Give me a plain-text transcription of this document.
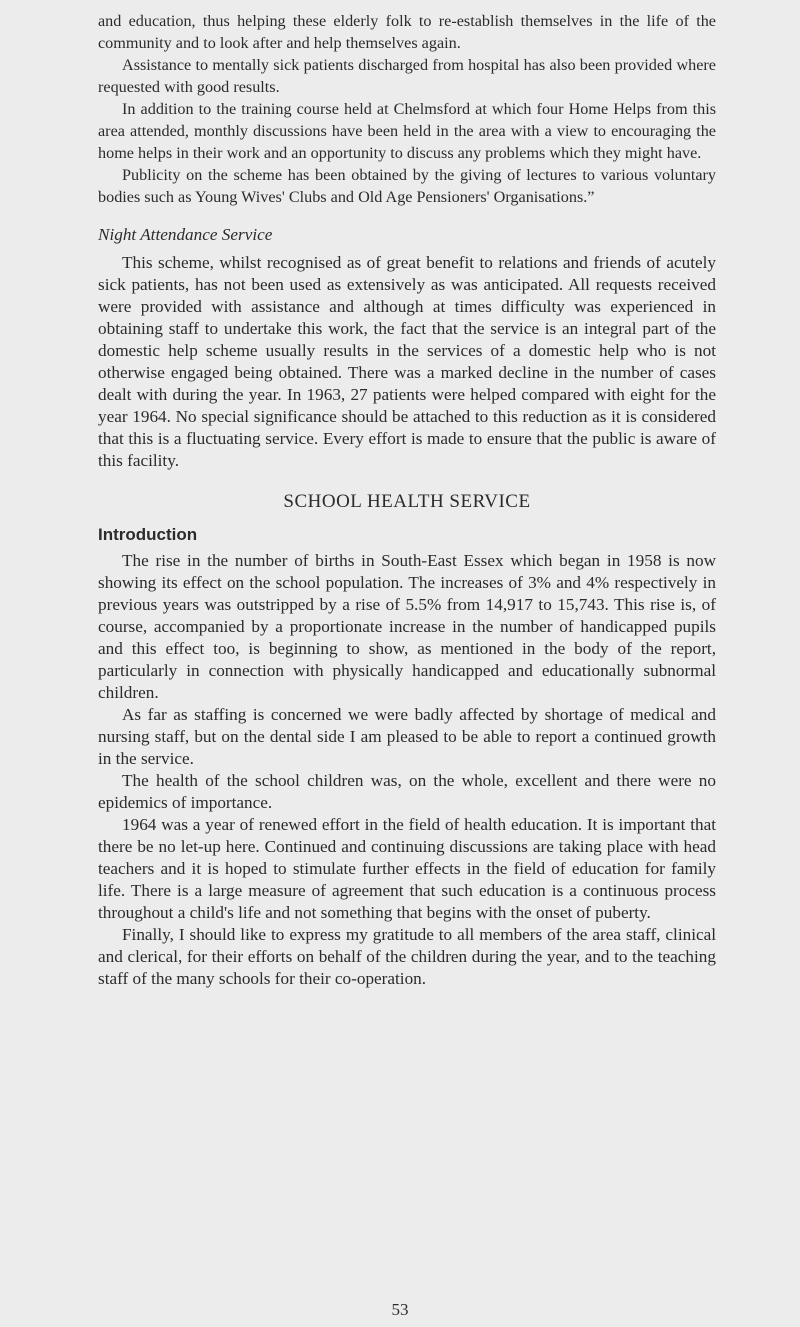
and education, thus helping these elderly folk to re-establish themselves in the life of the community and to look after and help themselves again.

Assistance to mentally sick patients discharged from hospital has also been provided where requested with good results.

In addition to the training course held at Chelmsford at which four Home Helps from this area attended, monthly discussions have been held in the area with a view to encouraging the home helps in their work and an opportunity to discuss any problems which they might have.

Publicity on the scheme has been obtained by the giving of lectures to various voluntary bodies such as Young Wives' Clubs and Old Age Pensioners' Organisations.”

Night Attendance Service

This scheme, whilst recognised as of great benefit to relations and friends of acutely sick patients, has not been used as extensively as was anticipated. All requests received were provided with assistance and although at times difficulty was experienced in obtaining staff to undertake this work, the fact that the service is an integral part of the domestic help scheme usually results in the services of a domestic help who is not otherwise engaged being obtained. There was a marked decline in the number of cases dealt with during the year. In 1963, 27 patients were helped compared with eight for the year 1964. No special significance should be attached to this reduction as it is considered that this is a fluctuating service. Every effort is made to ensure that the public is aware of this facility.

SCHOOL HEALTH SERVICE
Introduction

The rise in the number of births in South-East Essex which began in 1958 is now showing its effect on the school population. The increases of 3% and 4% respectively in previous years was outstripped by a rise of 5.5% from 14,917 to 15,743. This rise is, of course, accompanied by a proportionate increase in the number of handicapped pupils and this effect too, is beginning to show, as mentioned in the body of the report, particularly in connection with physically handicapped and educationally subnormal children.

As far as staffing is concerned we were badly affected by shortage of medical and nursing staff, but on the dental side I am pleased to be able to report a continued growth in the service.

The health of the school children was, on the whole, excellent and there were no epidemics of importance.

1964 was a year of renewed effort in the field of health education. It is important that there be no let-up here. Continued and continuing discussions are taking place with head teachers and it is hoped to stimulate further effects in the field of education for family life. There is a large measure of agreement that such education is a continuous process throughout a child's life and not something that begins with the onset of puberty.

Finally, I should like to express my gratitude to all members of the area staff, clinical and clerical, for their efforts on behalf of the children during the year, and to the teaching staff of the many schools for their co-operation.

53
